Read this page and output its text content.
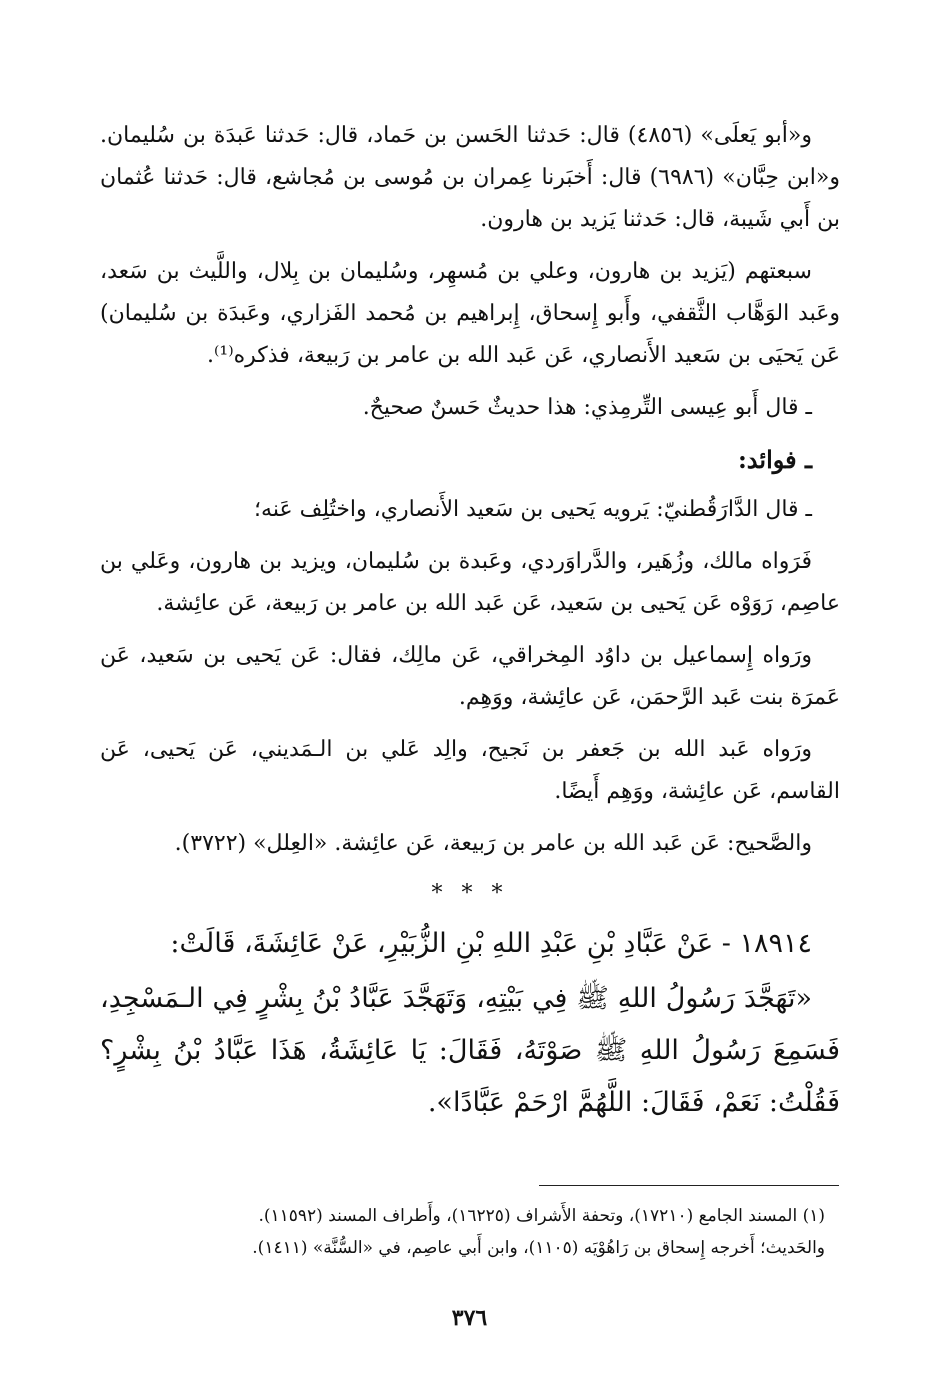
و«أبو يَعلَى» (٤٨٥٦) قال: حَدثنا الحَسن بن حَماد، قال: حَدثنا عَبدَة بن سُليمان. و«ابن حِبَّان» (٦٩٨٦) قال: أَخبَرنا عِمران بن مُوسى بن مُجاشع، قال: حَدثنا عُثمان بن أَبي شَيبة، قال: حَدثنا يَزيد بن هارون.

سبعتهم (يَزيد بن هارون، وعلي بن مُسهِر، وسُليمان بن بِلال، واللَّيث بن سَعد، وعَبد الوَهَّاب الثَّقفي، وأَبو إِسحاق، إِبراهيم بن مُحمد الفَزاري، وعَبدَة بن سُليمان) عَن يَحيَى بن سَعيد الأَنصاري، عَن عَبد الله بن عامر بن رَبيعة، فذكره⁽¹⁾.

ـ قال أَبو عِيسى التِّرمِذي: هذا حديثٌ حَسنٌ صحيحٌ.

ـ فوائد:

ـ قال الدَّارَقُطنيّ: يَرويه يَحيى بن سَعيد الأَنصاري، واختُلِف عَنه؛

فَرَواه مالك، وزُهَير، والدَّراوَردي، وعَبدة بن سُليمان، ويزيد بن هارون، وعَلي بن عاصِم، رَوَوْه عَن يَحيى بن سَعيد، عَن عَبد الله بن عامر بن رَبيعة، عَن عائِشة.

ورَواه إِسماعيل بن داوُد المِخراقي، عَن مالِك، فقال: عَن يَحيى بن سَعيد، عَن عَمرَة بنت عَبد الرَّحمَن، عَن عائِشة، ووَهِم.

ورَواه عَبد الله بن جَعفر بن نَجيح، والِد عَلي بن الـمَديني، عَن يَحيى، عَن القاسم، عَن عائِشة، ووَهِم أَيضًا.

والصَّحيح: عَن عَبد الله بن عامر بن رَبيعة، عَن عائِشة. «العِلل» (٣٧٢٢).

* * *

١٨٩١٤ - عَنْ عَبَّادِ بْنِ عَبْدِ اللهِ بْنِ الزُّبَيْرِ، عَنْ عَائِشَةَ، قَالَتْ:

«تَهَجَّدَ رَسُولُ اللهِ ﷺ فِي بَيْتِهِ، وَتَهَجَّدَ عَبَّادُ بْنُ بِشْرٍ فِي الـمَسْجِدِ، فَسَمِعَ رَسُولُ اللهِ ﷺ صَوْتَهُ، فَقَالَ: يَا عَائِشَةُ، هَذَا عَبَّادُ بْنُ بِشْرٍ؟ فَقُلْتُ: نَعَمْ، فَقَالَ: اللَّهُمَّ ارْحَمْ عَبَّادًا».

(١) المسند الجامع (١٧٢١٠)، وتحفة الأَشراف (١٦٢٢٥)، وأَطراف المسند (١١٥٩٢).
والحَديث؛ أَخرجه إِسحاق بن رَاهُوْيَه (١١٠٥)، وابن أَبي عاصِم، في «السُّنَّة» (١٤١١).
٣٧٦
